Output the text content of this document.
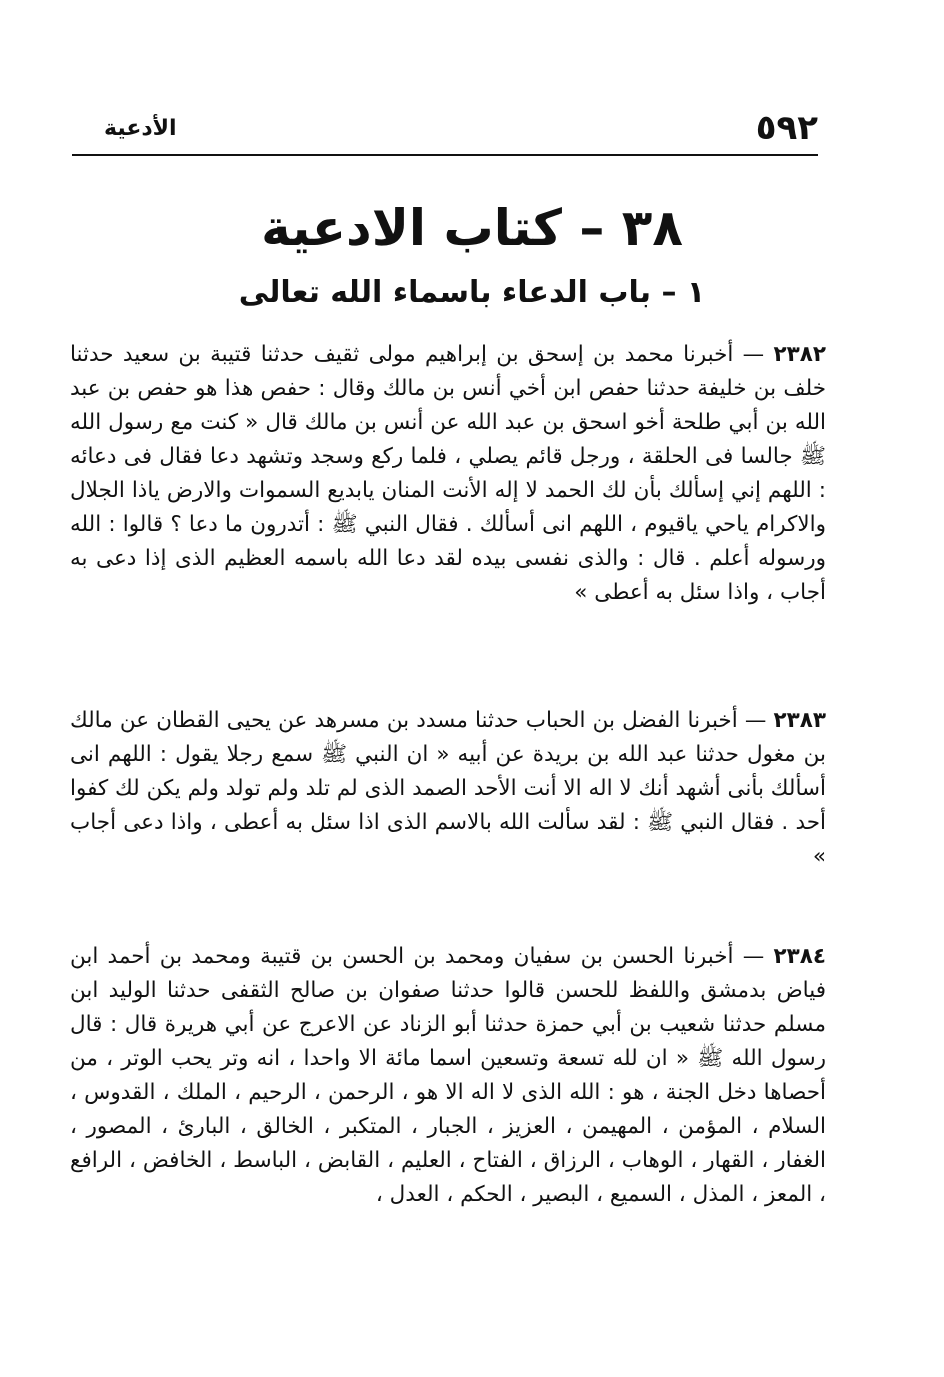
٥٩٢
الأدعية
٣٨ – كتاب الادعية
١ – باب الدعاء باسماء الله تعالى
٢٣٨٢ — أخبرنا محمد بن إسحق بن إبراهيم مولى ثقيف حدثنا قتيبة بن سعيد حدثنا خلف بن خليفة حدثنا حفص ابن أخي أنس بن مالك وقال : حفص هذا هو حفص بن عبد الله بن أبي طلحة أخو اسحق بن عبد الله عن أنس بن مالك قال « كنت مع رسول الله ﷺ جالسا فى الحلقة ، ورجل قائم يصلي ، فلما ركع وسجد وتشهد دعا فقال فى دعائه : اللهم إني إسألك بأن لك الحمد لا إله الأنت المنان يابديع السموات والارض ياذا الجلال والاكرام ياحي ياقيوم ، اللهم انى أسألك . فقال النبي ﷺ : أتدرون ما دعا ؟ قالوا : الله ورسوله أعلم . قال : والذى نفسى بيده لقد دعا الله باسمه العظيم الذى إذا دعى به أجاب ، واذا سئل به أعطى »
٢٣٨٣ — أخبرنا الفضل بن الحباب حدثنا مسدد بن مسرهد عن يحيى القطان عن مالك بن مغول حدثنا عبد الله بن بريدة عن أبيه « ان النبي ﷺ سمع رجلا يقول : اللهم انى أسألك بأنى أشهد أنك لا اله الا أنت الأحد الصمد الذى لم تلد ولم تولد ولم يكن لك كفوا أحد . فقال النبي ﷺ : لقد سألت الله بالاسم الذى اذا سئل به أعطى ، واذا دعى أجاب »
٢٣٨٤ — أخبرنا الحسن بن سفيان ومحمد بن الحسن بن قتيبة ومحمد بن أحمد ابن فياض بدمشق واللفظ للحسن قالوا حدثنا صفوان بن صالح الثقفى حدثنا الوليد ابن مسلم حدثنا شعيب بن أبي حمزة حدثنا أبو الزناد عن الاعرج عن أبي هريرة قال : قال رسول الله ﷺ « ان لله تسعة وتسعين اسما مائة الا واحدا ، انه وتر يحب الوتر ، من أحصاها دخل الجنة ، هو : الله الذى لا اله الا هو ، الرحمن ، الرحيم ، الملك ، القدوس ، السلام ، المؤمن ، المهيمن ، العزيز ، الجبار ، المتكبر ، الخالق ، البارئ ، المصور ، الغفار ، القهار ، الوهاب ، الرزاق ، الفتاح ، العليم ، القابض ، الباسط ، الخافض ، الرافع ، المعز ، المذل ، السميع ، البصير ، الحكم ، العدل ،
